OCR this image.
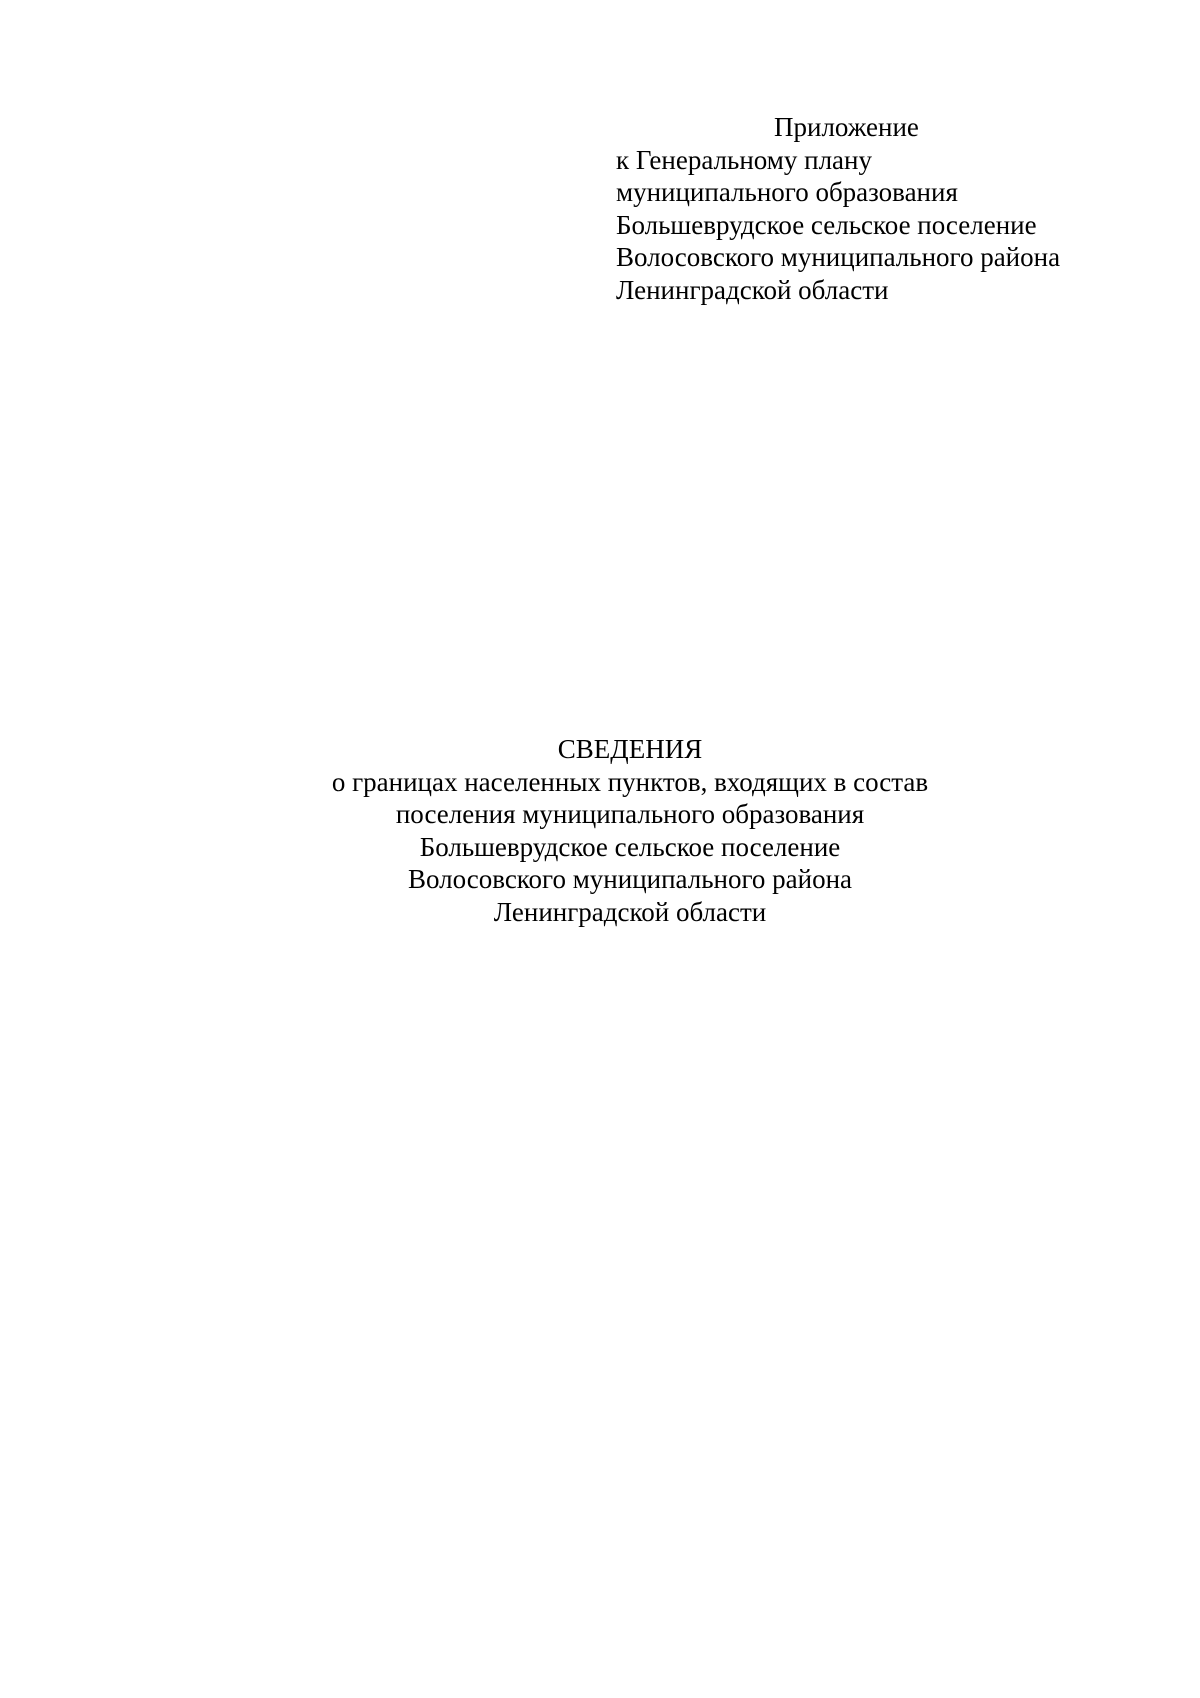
Приложение
к Генеральному плану
муниципального образования
Большеврудское сельское поселение
Волосовского муниципального района
Ленинградской области
СВЕДЕНИЯ
о границах населенных пунктов, входящих в состав
поселения муниципального образования
Большеврудское сельское поселение
Волосовского муниципального района
Ленинградской области
